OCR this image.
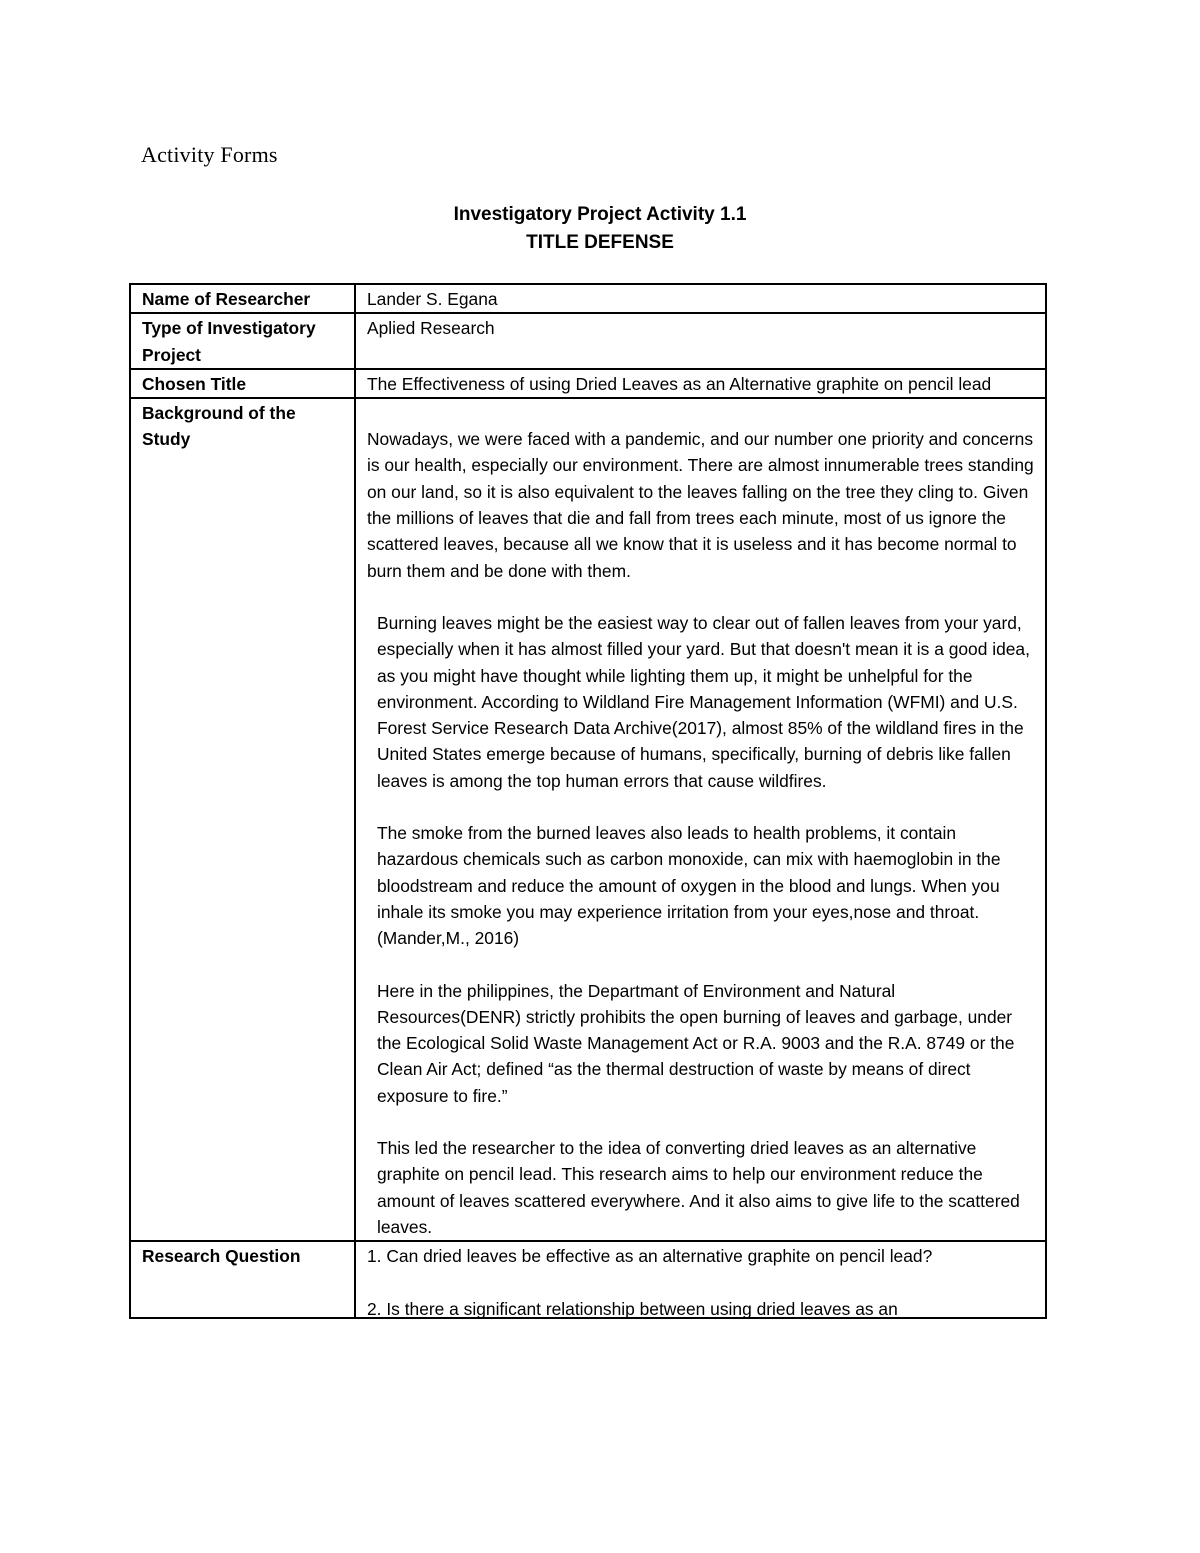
Activity Forms
Investigatory Project Activity 1.1
TITLE DEFENSE
Name of Researcher	Lander S. Egana
Type of Investigatory Project	Aplied Research
Chosen Title	The Effectiveness of using Dried Leaves as an Alternative graphite on pencil lead
Background of the Study	Nowadays, we were faced with a pandemic, and our number one priority and concerns is our health, especially our environment. There are almost innumerable trees standing on our land, so it is also equivalent to the leaves falling on the tree they cling to. Given the millions of leaves that die and fall from trees each minute, most of us ignore the scattered leaves, because all we know that it is useless and it has become normal to burn them and be done with them.

Burning leaves might be the easiest way to clear out of fallen leaves from your yard, especially when it has almost filled your yard. But that doesn't mean it is a good idea, as you might have thought while lighting them up, it might be unhelpful for the environment. According to Wildland Fire Management Information (WFMI) and U.S. Forest Service Research Data Archive(2017), almost 85% of the wildland fires in the United States emerge because of humans, specifically, burning of debris like fallen leaves is among the top human errors that cause wildfires.

The smoke from the burned leaves also leads to health problems, it contain hazardous chemicals such as carbon monoxide, can mix with haemoglobin in the bloodstream and reduce the amount of oxygen in the blood and lungs. When you inhale its smoke you may experience irritation from your eyes,nose and throat. (Mander,M., 2016)

Here in the philippines, the Departmant of Environment and Natural Resources(DENR) strictly prohibits the open burning of leaves and garbage, under the Ecological Solid Waste Management Act or R.A. 9003 and the R.A. 8749 or the Clean Air Act; defined “as the thermal destruction of waste by means of direct exposure to fire.”

This led the researcher to the idea of converting dried leaves as an alternative graphite on pencil lead. This research aims to help our environment reduce the amount of leaves scattered everywhere. And it also aims to give life to the scattered leaves.

Research Question	1. Can dried leaves be effective as an alternative graphite on pencil lead?

2. Is there a significant relationship between using dried leaves as an
